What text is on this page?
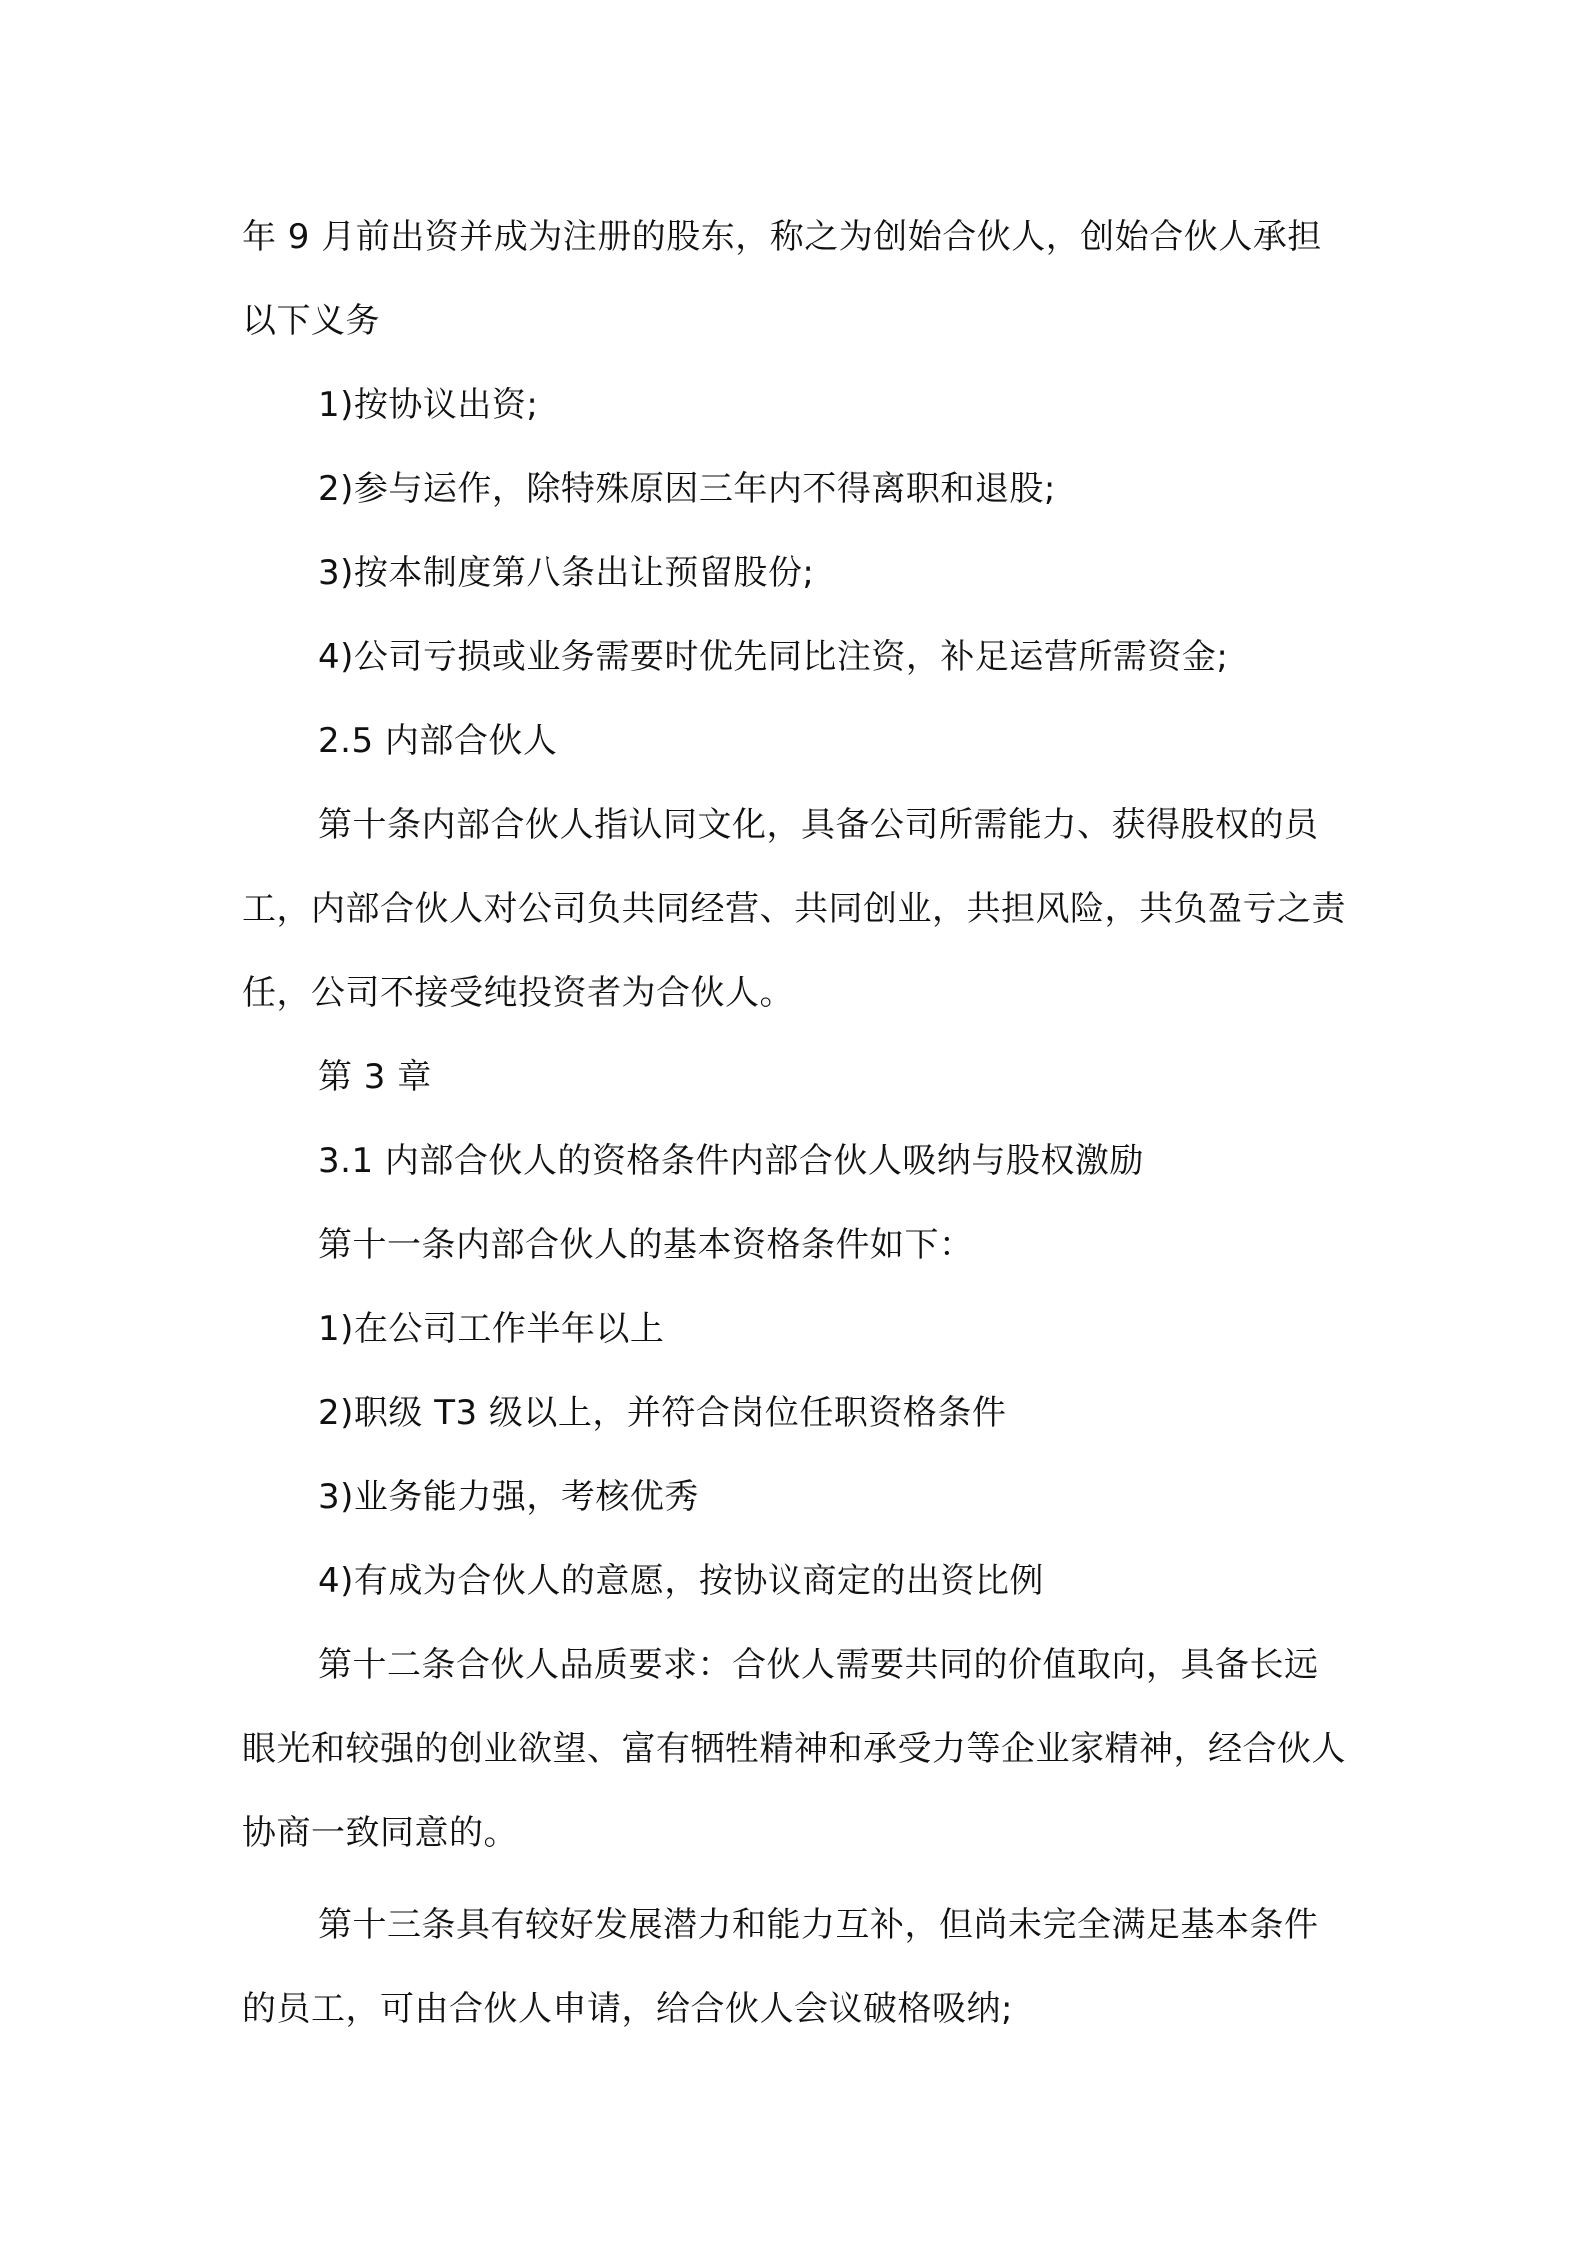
年 9 月前出资并成为注册的股东，称之为创始合伙人，创始合伙人承担以下义务

1)按协议出资;

2)参与运作，除特殊原因三年内不得离职和退股;

3)按本制度第八条出让预留股份;

4)公司亏损或业务需要时优先同比注资，补足运营所需资金;

2.5 内部合伙人

第十条内部合伙人指认同文化，具备公司所需能力、获得股权的员工，内部合伙人对公司负共同经营、共同创业，共担风险，共负盈亏之责任，公司不接受纯投资者为合伙人。

第 3 章

3.1 内部合伙人的资格条件内部合伙人吸纳与股权激励

第十一条内部合伙人的基本资格条件如下：

1)在公司工作半年以上

2)职级 T3 级以上，并符合岗位任职资格条件

3)业务能力强，考核优秀

4)有成为合伙人的意愿，按协议商定的出资比例

第十二条合伙人品质要求：合伙人需要共同的价值取向，具备长远眼光和较强的创业欲望、富有牺牲精神和承受力等企业家精神，经合伙人协商一致同意的。

第十三条具有较好发展潜力和能力互补，但尚未完全满足基本条件的员工，可由合伙人申请，给合伙人会议破格吸纳;
